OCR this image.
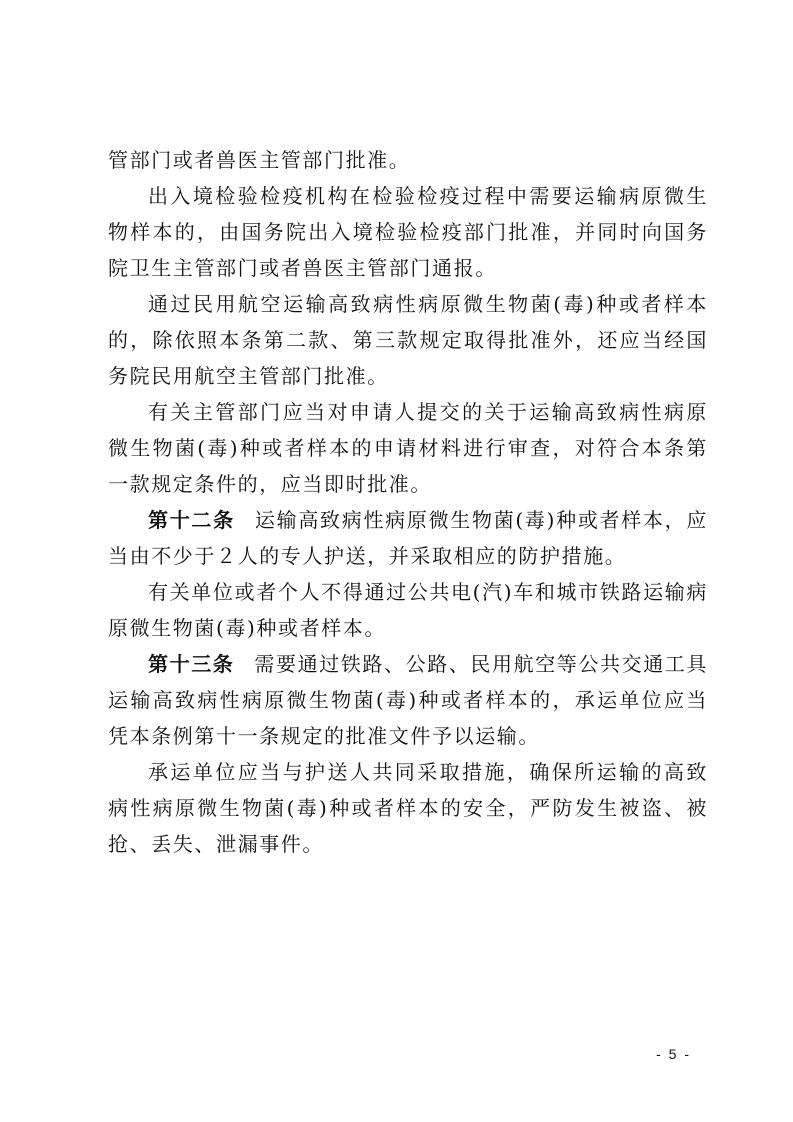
管部门或者兽医主管部门批准。

出入境检验检疫机构在检验检疫过程中需要运输病原微生物样本的，由国务院出入境检验检疫部门批准，并同时向国务院卫生主管部门或者兽医主管部门通报。

通过民用航空运输高致病性病原微生物菌(毒)种或者样本的，除依照本条第二款、第三款规定取得批准外，还应当经国务院民用航空主管部门批准。

有关主管部门应当对申请人提交的关于运输高致病性病原微生物菌(毒)种或者样本的申请材料进行审查，对符合本条第一款规定条件的，应当即时批准。

第十二条 运输高致病性病原微生物菌(毒)种或者样本，应当由不少于２人的专人护送，并采取相应的防护措施。

有关单位或者个人不得通过公共电(汽)车和城市铁路运输病原微生物菌(毒)种或者样本。

第十三条 需要通过铁路、公路、民用航空等公共交通工具运输高致病性病原微生物菌(毒)种或者样本的，承运单位应当凭本条例第十一条规定的批准文件予以运输。

承运单位应当与护送人共同采取措施，确保所运输的高致病性病原微生物菌(毒)种或者样本的安全，严防发生被盗、被抢、丢失、泄漏事件。

- 5 -
